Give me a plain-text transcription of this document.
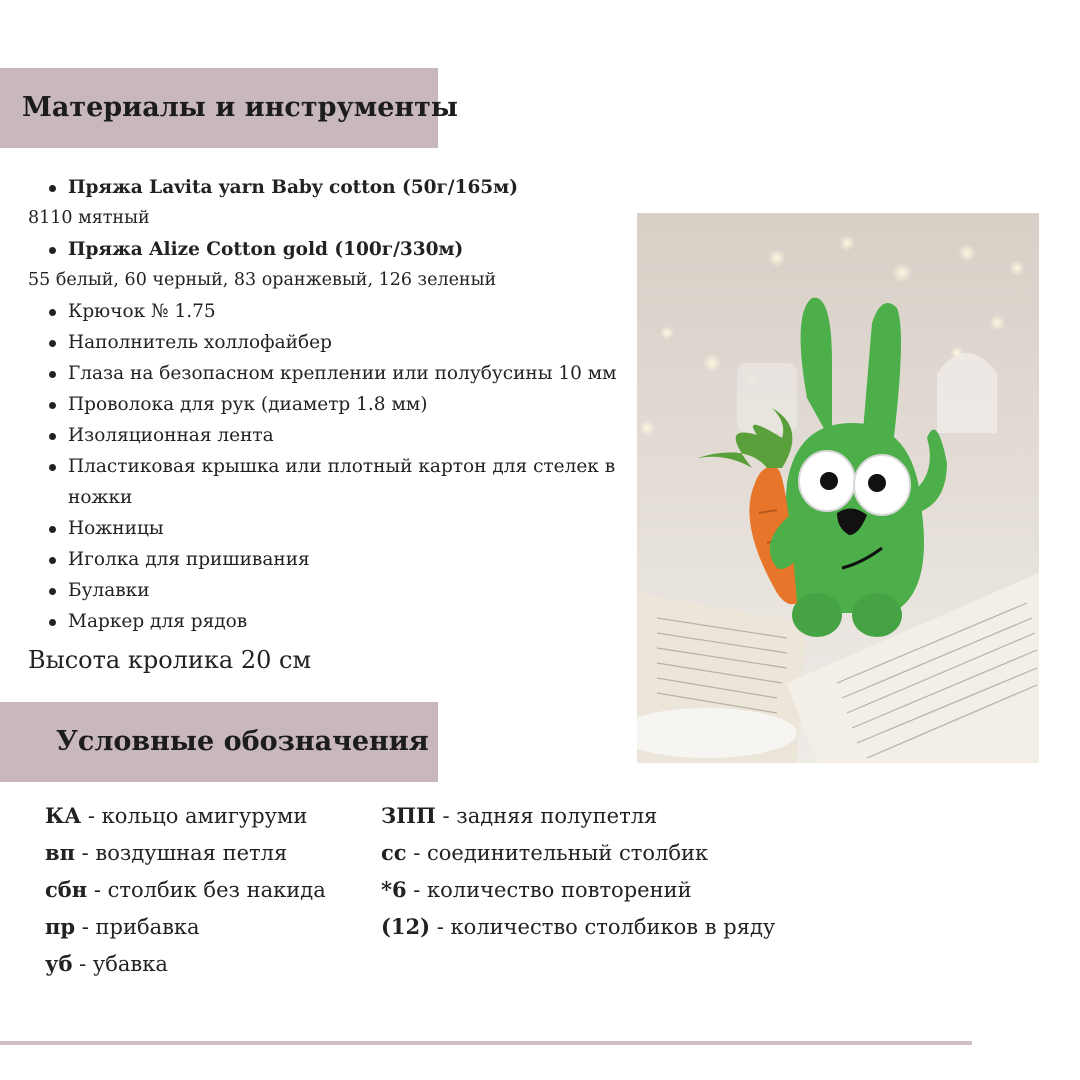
Материалы и инструменты
Пряжа Lavita yarn Baby cotton (50г/165м)
8110 мятный
Пряжа Alize Cotton gold (100г/330м)
55 белый, 60 черный, 83 оранжевый, 126 зеленый
Крючок № 1.75
Наполнитель холлофайбер
Глаза на безопасном креплении или полубусины 10 мм
Проволока для рук (диаметр 1.8 мм)
Изоляционная лента
Пластиковая крышка или плотный картон для стелек в
ножки
Ножницы
Иголка для пришивания
Булавки
Маркер для рядов
Высота кролика 20 см
Условные обозначения
КА - кольцо амигуруми
вп - воздушная петля
сбн - столбик без накида
пр - прибавка
уб - убавка
ЗПП - задняя полупетля
сс - соединительный столбик
*6 - количество повторений
(12) - количество столбиков в ряду
